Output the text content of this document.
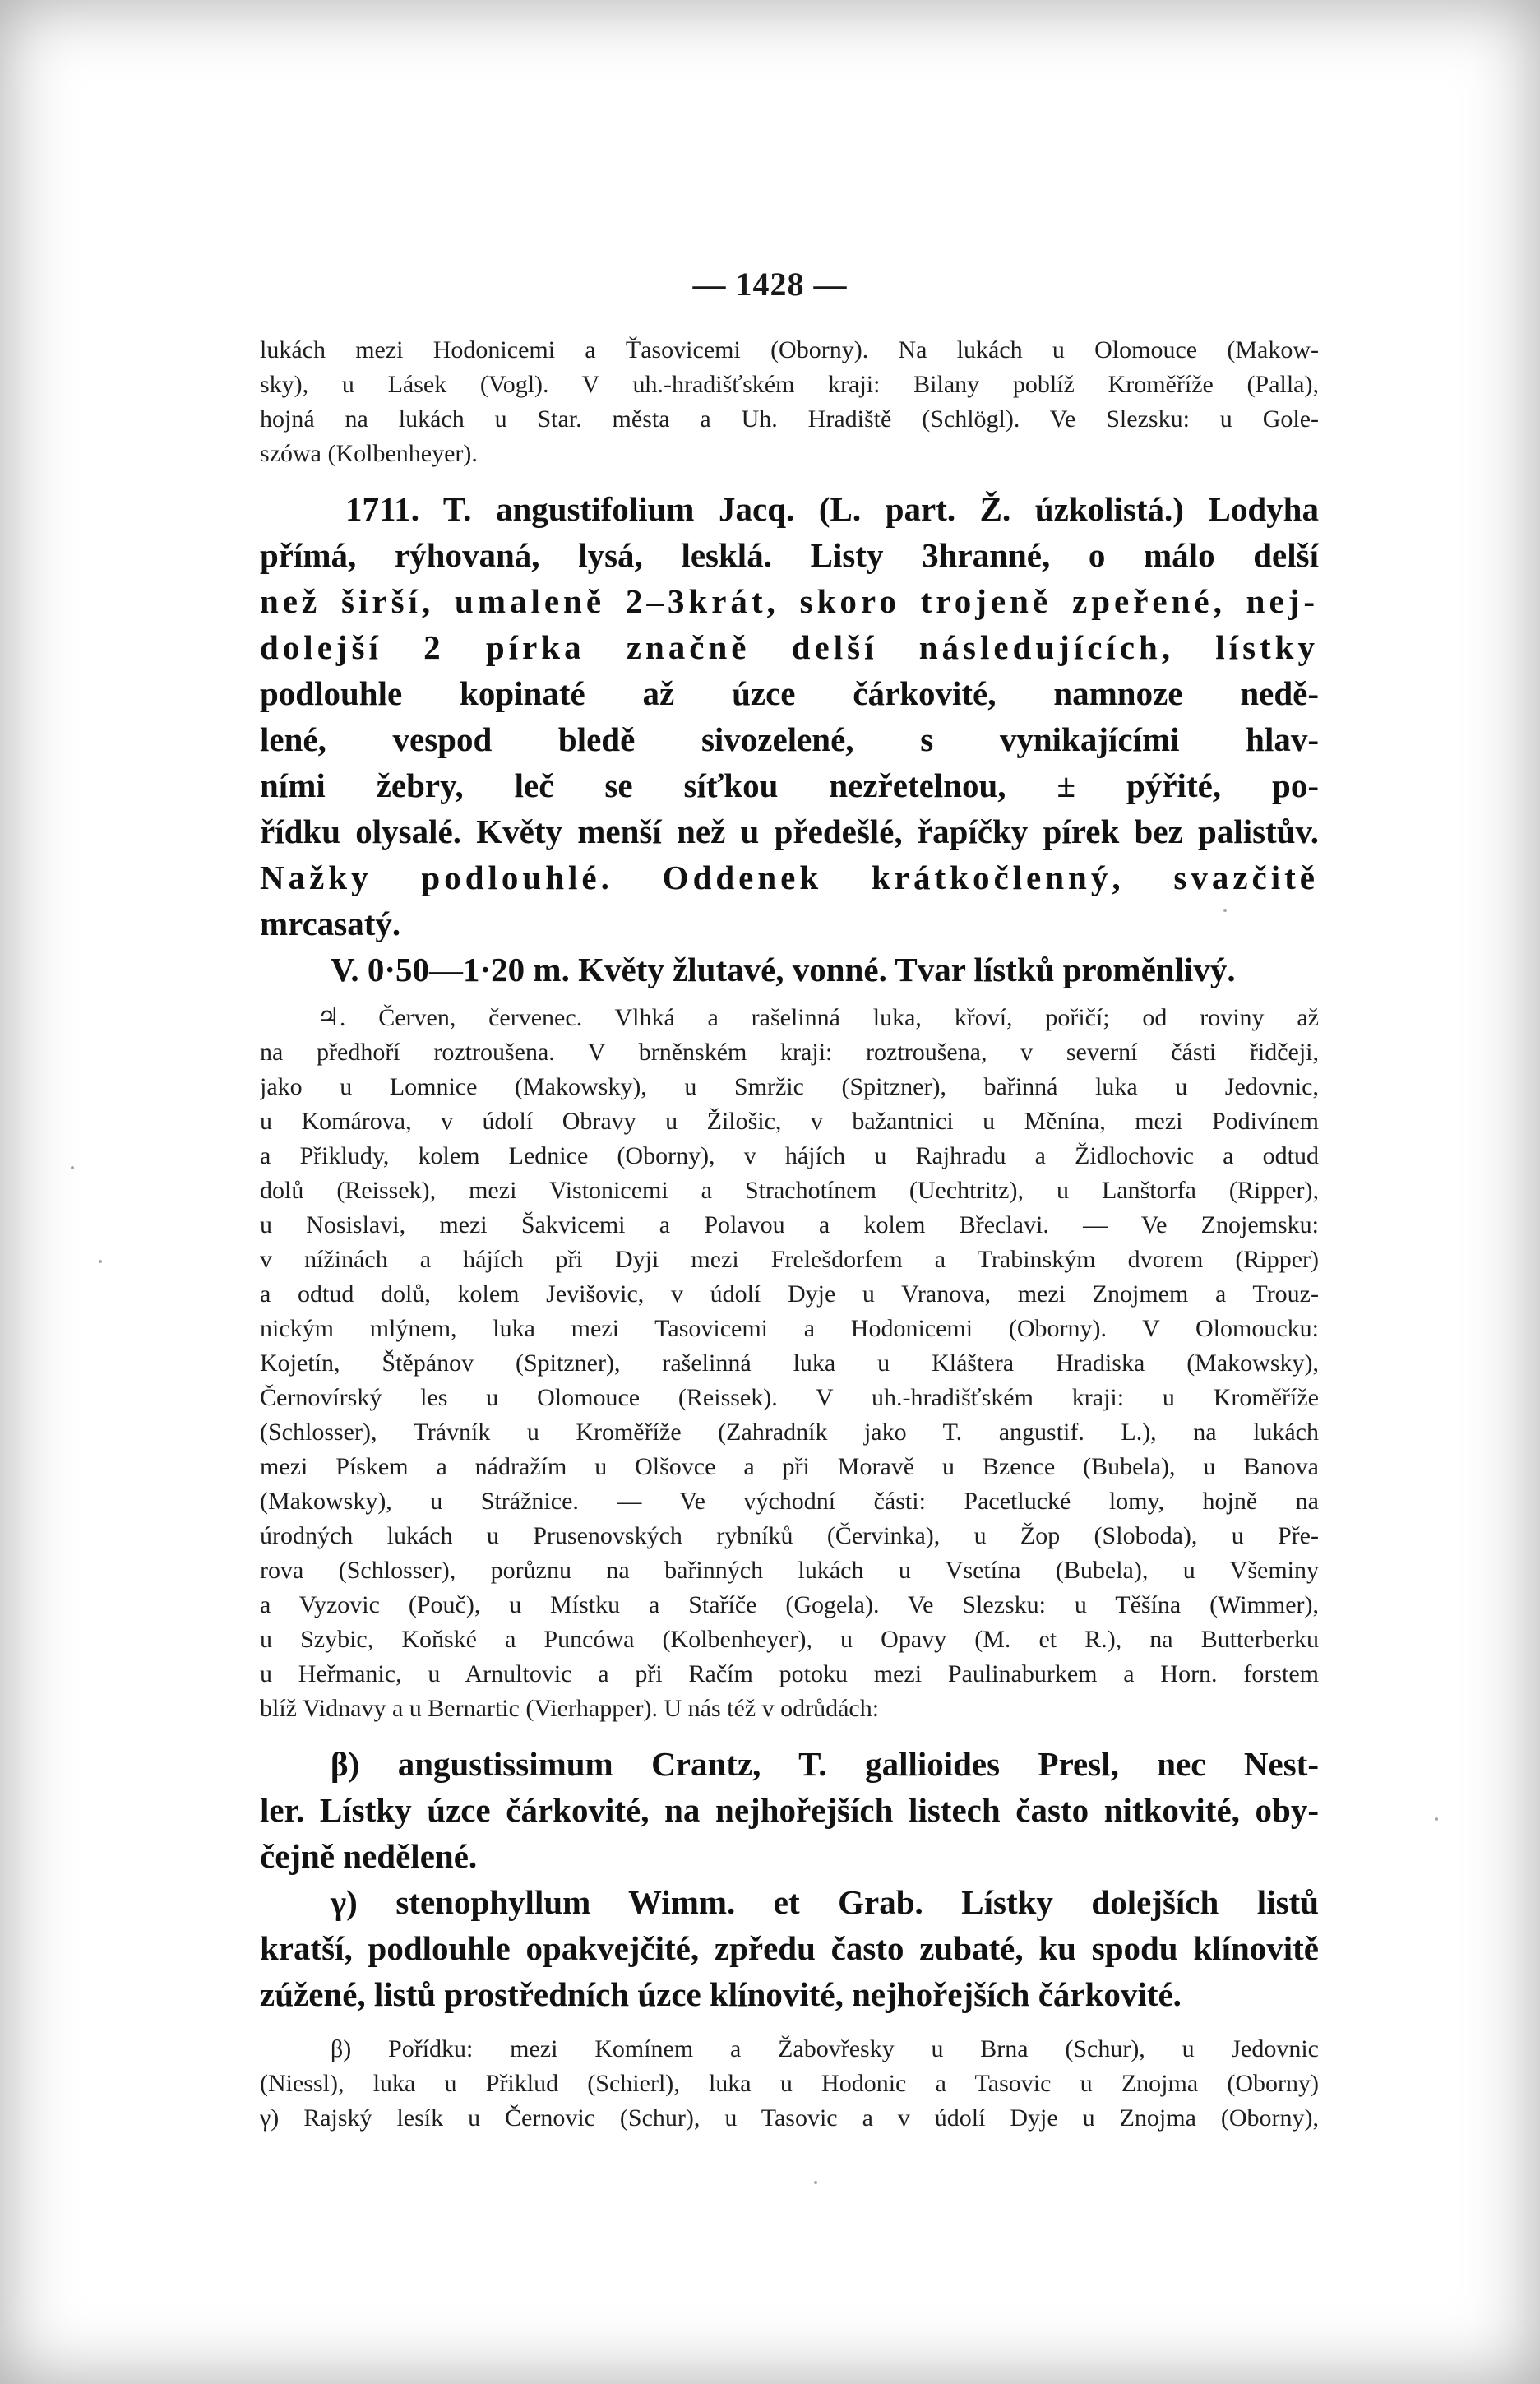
— 1428 —
lukách mezi Hodonicemi a Ťasovicemi (Oborny). Na lukách u Olomouce (Makow-
sky), u Lásek (Vogl). V uh.-hradišťském kraji: Bilany poblíž Kroměříže (Palla),
hojná na lukách u Star. města a Uh. Hradiště (Schlögl). Ve Slezsku: u Gole-
szówa (Kolbenheyer).
1711. T. angustifolium Jacq. (L. part. Ž. úzkolistá.) Lodyha
přímá, rýhovaná, lysá, lesklá. Listy 3hranné, o málo delší
než širší, umaleně 2–3krát, skoro trojeně zpeřené, nej-
dolejší 2 pírka značně delší následujících, lístky
podlouhle kopinaté až úzce čárkovité, namnoze nedě-
lené, vespod bledě sivozelené, s vynikajícími hlav-
ními žebry, leč se síťkou nezřetelnou, ± pýřité, po-
řídku olysalé. Květy menší než u předešlé, řapíčky pírek bez palistův.
Nažky podlouhlé. Oddenek krátkočlenný, svazčitě
mrcasatý.
V. 0·50—1·20 m. Květy žlutavé, vonné. Tvar lístků proměnlivý.
♃. Červen, červenec. Vlhká a rašelinná luka, křoví, pořičí; od roviny až
na předhoří roztroušena. V brněnském kraji: roztroušena, v severní části řidčeji,
jako u Lomnice (Makowsky), u Smržic (Spitzner), bařinná luka u Jedovnic,
u Komárova, v údolí Obravy u Žilošic, v bažantnici u Měnína, mezi Podivínem
a Přikludy, kolem Lednice (Oborny), v hájích u Rajhradu a Židlochovic a odtud
dolů (Reissek), mezi Vistonicemi a Strachotínem (Uechtritz), u Lanštorfa (Ripper),
u Nosislavi, mezi Šakvicemi a Polavou a kolem Břeclavi. — Ve Znojemsku:
v nížinách a hájích při Dyji mezi Frelešdorfem a Trabinským dvorem (Ripper)
a odtud dolů, kolem Jevišovic, v údolí Dyje u Vranova, mezi Znojmem a Trouz-
nickým mlýnem, luka mezi Tasovicemi a Hodonicemi (Oborny). V Olomoucku:
Kojetín, Štěpánov (Spitzner), rašelinná luka u Kláštera Hradiska (Makowsky),
Černovírský les u Olomouce (Reissek). V uh.-hradišťském kraji: u Kroměříže
(Schlosser), Trávník u Kroměříže (Zahradník jako T. angustif. L.), na lukách
mezi Pískem a nádražím u Olšovce a při Moravě u Bzence (Bubela), u Banova
(Makowsky), u Strážnice. — Ve východní části: Pacetlucké lomy, hojně na
úrodných lukách u Prusenovských rybníků (Červinka), u Žop (Sloboda), u Pře-
rova (Schlosser), porůznu na bařinných lukách u Vsetína (Bubela), u Všeminy
a Vyzovic (Pouč), u Místku a Staříče (Gogela). Ve Slezsku: u Těšína (Wimmer),
u Szybic, Koňské a Puncówa (Kolbenheyer), u Opavy (M. et R.), na Butterberku
u Heřmanic, u Arnultovic a při Račím potoku mezi Paulinaburkem a Horn. forstem
blíž Vidnavy a u Bernartic (Vierhapper). U nás též v odrůdách:
β) angustissimum Crantz, T. gallioides Presl, nec Nest-
ler. Lístky úzce čárkovité, na nejhořejších listech často nitkovité, oby-
čejně nedělené.
γ) stenophyllum Wimm. et Grab. Lístky dolejších listů
kratší, podlouhle opakvejčité, zpředu často zubaté, ku spodu klínovitě
zúžené, listů prostředních úzce klínovité, nejhořejších čárkovité.
β) Pořídku: mezi Komínem a Žabovřesky u Brna (Schur), u Jedovnic
(Niessl), luka u Přiklud (Schierl), luka u Hodonic a Tasovic u Znojma (Oborny)
γ) Rajský lesík u Černovic (Schur), u Tasovic a v údolí Dyje u Znojma (Oborny),
